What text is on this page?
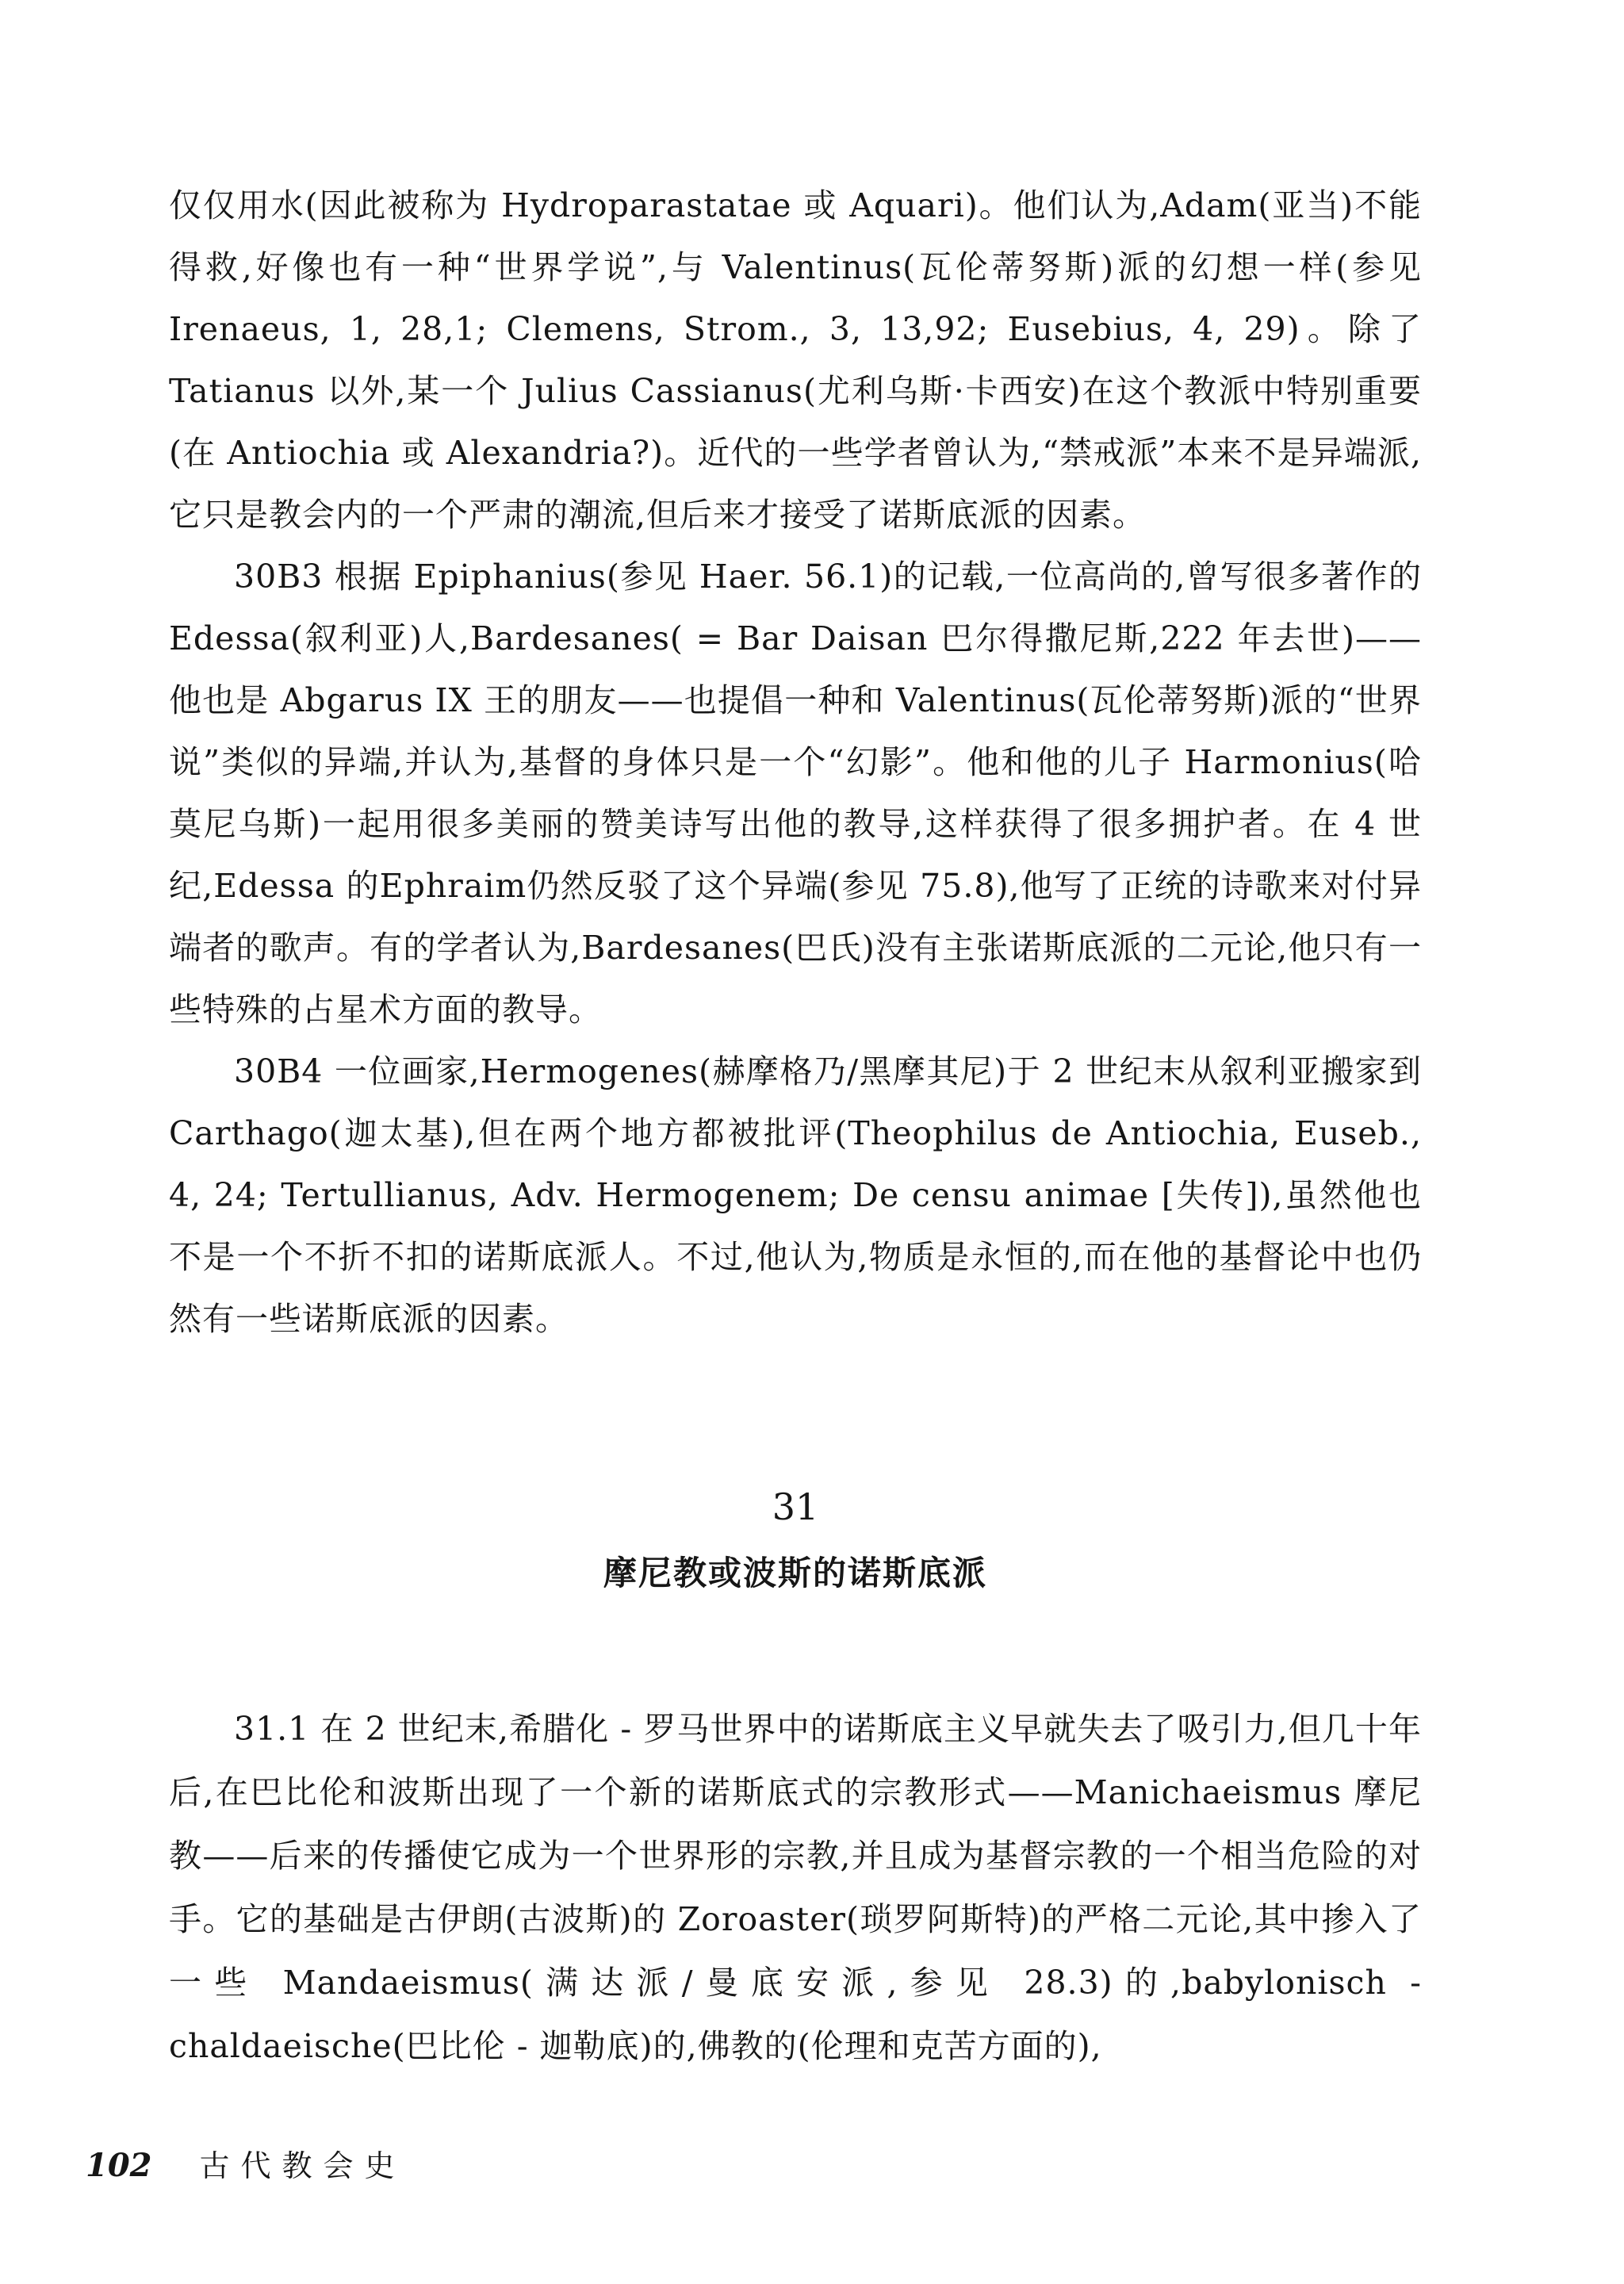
仅仅用水(因此被称为 Hydroparastatae 或 Aquari)。他们认为,Adam(亚当)不能得救,好像也有一种“世界学说”,与 Valentinus(瓦伦蒂努斯)派的幻想一样(参见 Irenaeus, 1, 28,1; Clemens, Strom., 3, 13,92; Eusebius, 4, 29)。除了 Tatianus 以外,某一个 Julius Cassianus(尤利乌斯·卡西安)在这个教派中特别重要(在 Antiochia 或 Alexandria?)。近代的一些学者曾认为,“禁戒派”本来不是异端派,它只是教会内的一个严肃的潮流,但后来才接受了诺斯底派的因素。

30B3 根据 Epiphanius(参见 Haer. 56.1)的记载,一位高尚的,曾写很多著作的 Edessa(叙利亚)人,Bardesanes( = Bar Daisan 巴尔得撒尼斯,222 年去世)——他也是 Abgarus IX 王的朋友——也提倡一种和 Valentinus(瓦伦蒂努斯)派的“世界说”类似的异端,并认为,基督的身体只是一个“幻影”。他和他的儿子 Harmonius(哈莫尼乌斯)一起用很多美丽的赞美诗写出他的教导,这样获得了很多拥护者。在 4 世纪,Edessa 的Ephraim仍然反驳了这个异端(参见 75.8),他写了正统的诗歌来对付异端者的歌声。有的学者认为,Bardesanes(巴氏)没有主张诺斯底派的二元论,他只有一些特殊的占星术方面的教导。

30B4 一位画家,Hermogenes(赫摩格乃/黑摩其尼)于 2 世纪末从叙利亚搬家到 Carthago(迦太基),但在两个地方都被批评(Theophilus de Antiochia, Euseb., 4, 24; Tertullianus, Adv. Hermogenem; De censu animae [失传]),虽然他也不是一个不折不扣的诺斯底派人。不过,他认为,物质是永恒的,而在他的基督论中也仍然有一些诺斯底派的因素。

31
摩尼教或波斯的诺斯底派

31.1 在 2 世纪末,希腊化 - 罗马世界中的诺斯底主义早就失去了吸引力,但几十年后,在巴比伦和波斯出现了一个新的诺斯底式的宗教形式——Manichaeismus 摩尼教——后来的传播使它成为一个世界形的宗教,并且成为基督宗教的一个相当危险的对手。它的基础是古伊朗(古波斯)的 Zoroaster(琐罗阿斯特)的严格二元论,其中掺入了一些 Mandaeismus(满达派/曼底安派,参见 28.3)的,babylonisch - chaldaeische(巴比伦 - 迦勒底)的,佛教的(伦理和克苦方面的),

102 古代教会史
